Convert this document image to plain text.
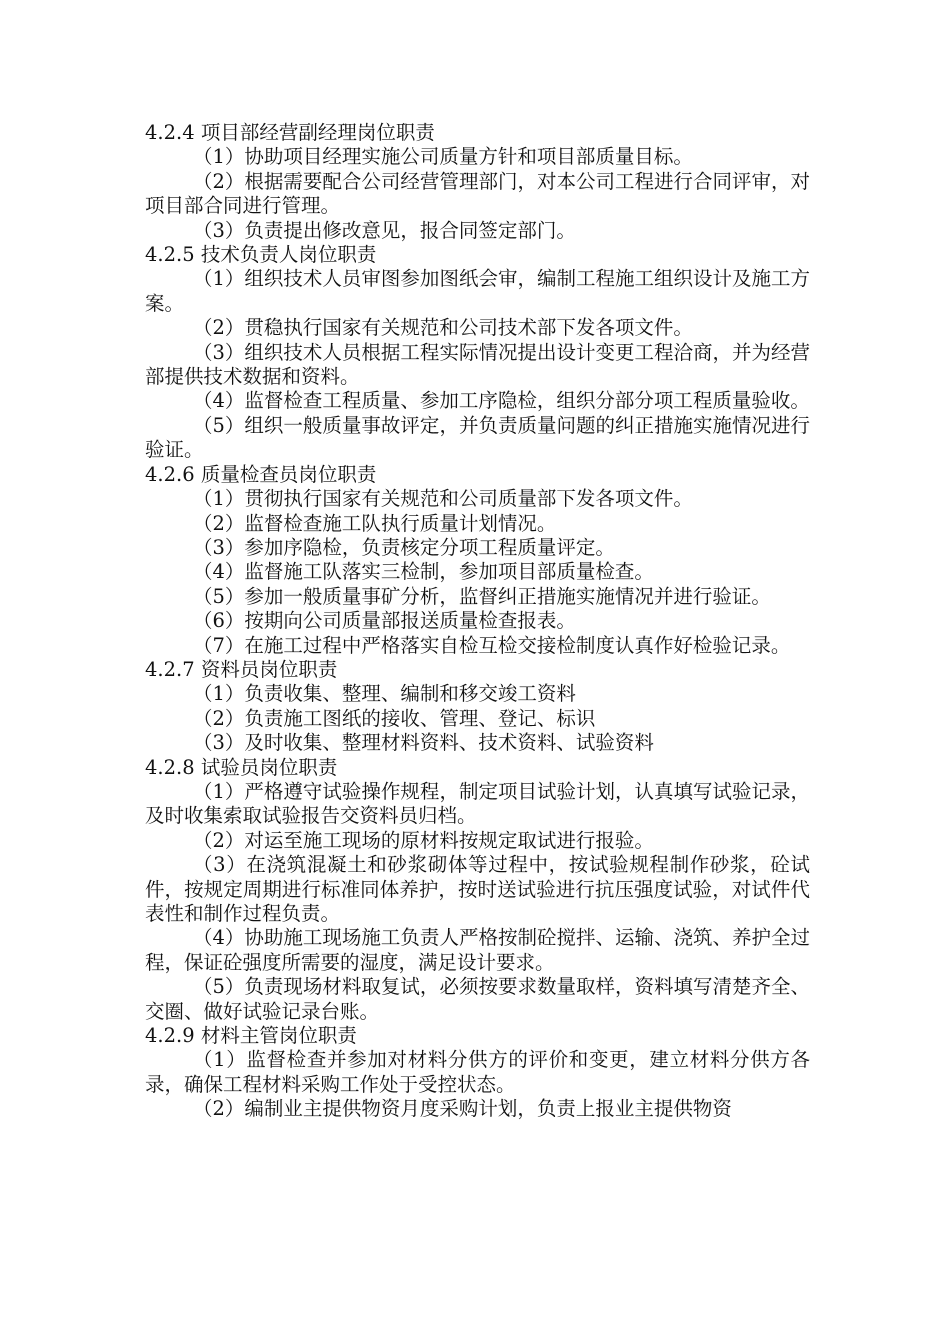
4.2.4 项目部经营副经理岗位职责

（1）协助项目经理实施公司质量方针和项目部质量目标。

（2）根据需要配合公司经营管理部门，对本公司工程进行合同评审，对项目部合同进行管理。

（3）负责提出修改意见，报合同签定部门。

4.2.5 技术负责人岗位职责

（1）组织技术人员审图参加图纸会审，编制工程施工组织设计及施工方案。

（2）贯稳执行国家有关规范和公司技术部下发各项文件。

（3）组织技术人员根据工程实际情况提出设计变更工程洽商，并为经营部提供技术数据和资料。

（4）监督检查工程质量、参加工序隐检，组织分部分项工程质量验收。

（5）组织一般质量事故评定，并负责质量问题的纠正措施实施情况进行验证。

4.2.6 质量检查员岗位职责

（1）贯彻执行国家有关规范和公司质量部下发各项文件。

（2）监督检查施工队执行质量计划情况。

（3）参加序隐检，负责核定分项工程质量评定。

（4）监督施工队落实三检制，参加项目部质量检查。

（5）参加一般质量事矿分析，监督纠正措施实施情况并进行验证。

（6）按期向公司质量部报送质量检查报表。

（7）在施工过程中严格落实自检互检交接检制度认真作好检验记录。

4.2.7 资料员岗位职责

（1）负责收集、整理、编制和移交竣工资料

（2）负责施工图纸的接收、管理、登记、标识

（3）及时收集、整理材料资料、技术资料、试验资料

4.2.8 试验员岗位职责

（1）严格遵守试验操作规程，制定项目试验计划，认真填写试验记录，及时收集索取试验报告交资料员归档。

（2）对运至施工现场的原材料按规定取试进行报验。

（3）在浇筑混凝土和砂浆砌体等过程中，按试验规程制作砂浆，砼试件，按规定周期进行标准同体养护，按时送试验进行抗压强度试验，对试件代表性和制作过程负责。

（4）协助施工现场施工负责人严格按制砼搅拌、运输、浇筑、养护全过程，保证砼强度所需要的湿度，满足设计要求。

（5）负责现场材料取复试，必须按要求数量取样，资料填写清楚齐全、交圈、做好试验记录台账。

4.2.9 材料主管岗位职责

（1）监督检查并参加对材料分供方的评价和变更，建立材料分供方各录，确保工程材料采购工作处于受控状态。

（2）编制业主提供物资月度采购计划，负责上报业主提供物资
